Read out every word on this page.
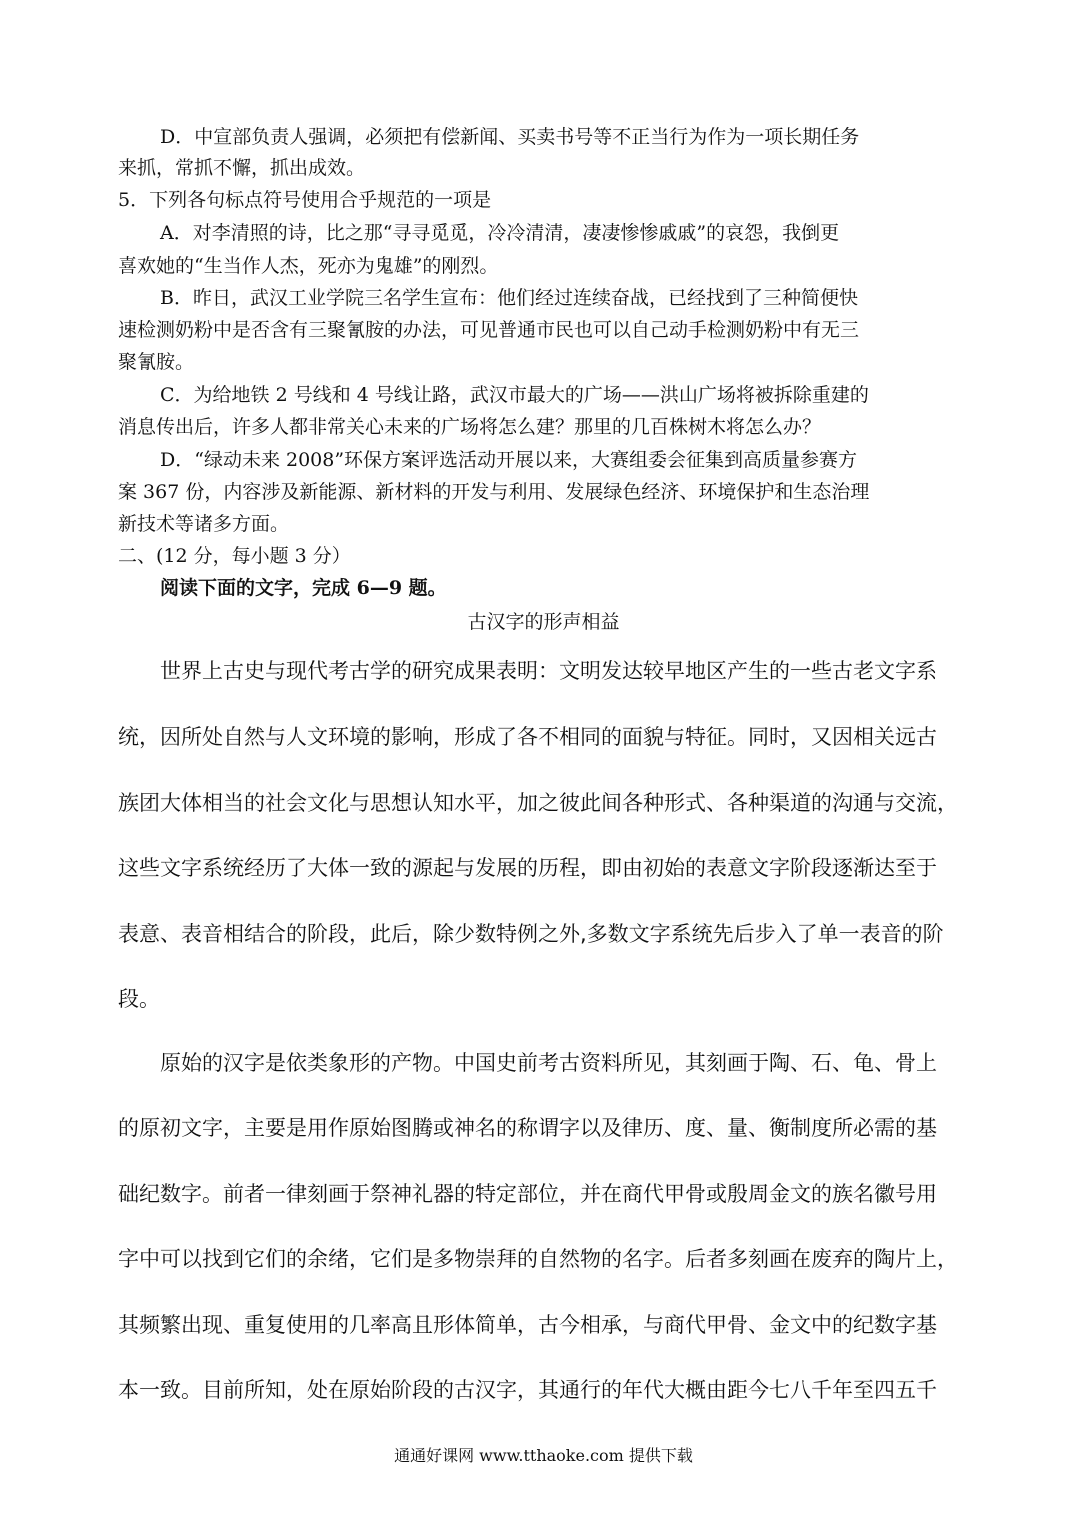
D．中宣部负责人强调，必须把有偿新闻、买卖书号等不正当行为作为一项长期任务
来抓，常抓不懈，抓出成效。
5．下列各句标点符号使用合乎规范的一项是
A．对李清照的诗，比之那“寻寻觅觅，冷冷清清，凄凄惨惨戚戚”的哀怨，我倒更
喜欢她的“生当作人杰，死亦为鬼雄”的刚烈。
B．昨日，武汉工业学院三名学生宣布：他们经过连续奋战，已经找到了三种简便快
速检测奶粉中是否含有三聚氰胺的办法，可见普通市民也可以自己动手检测奶粉中有无三
聚氰胺。
C．为给地铁 2 号线和 4 号线让路，武汉市最大的广场——洪山广场将被拆除重建的
消息传出后，许多人都非常关心未来的广场将怎么建？那里的几百株树木将怎么办？
D．“绿动未来 2008”环保方案评选活动开展以来，大赛组委会征集到高质量参赛方
案 367 份，内容涉及新能源、新材料的开发与利用、发展绿色经济、环境保护和生态治理
新技术等诸多方面。
二、(12 分，每小题 3 分）
阅读下面的文字，完成 6—9 题。
古汉字的形声相益
世界上古史与现代考古学的研究成果表明：文明发达较早地区产生的一些古老文字系
统，因所处自然与人文环境的影响，形成了各不相同的面貌与特征。同时，又因相关远古
族团大体相当的社会文化与思想认知水平，加之彼此间各种形式、各种渠道的沟通与交流，
这些文字系统经历了大体一致的源起与发展的历程，即由初始的表意文字阶段逐渐达至于
表意、表音相结合的阶段，此后，除少数特例之外,多数文字系统先后步入了单一表音的阶
段。
原始的汉字是依类象形的产物。中国史前考古资料所见，其刻画于陶、石、龟、骨上
的原初文字，主要是用作原始图腾或神名的称谓字以及律历、度、量、衡制度所必需的基
础纪数字。前者一律刻画于祭神礼器的特定部位，并在商代甲骨或殷周金文的族名徽号用
字中可以找到它们的余绪，它们是多物崇拜的自然物的名字。后者多刻画在废弃的陶片上，
其频繁出现、重复使用的几率高且形体简单，古今相承，与商代甲骨、金文中的纪数字基
本一致。目前所知，处在原始阶段的古汉字，其通行的年代大概由距今七八千年至四五千
通通好课网 www.tthaoke.com 提供下载
